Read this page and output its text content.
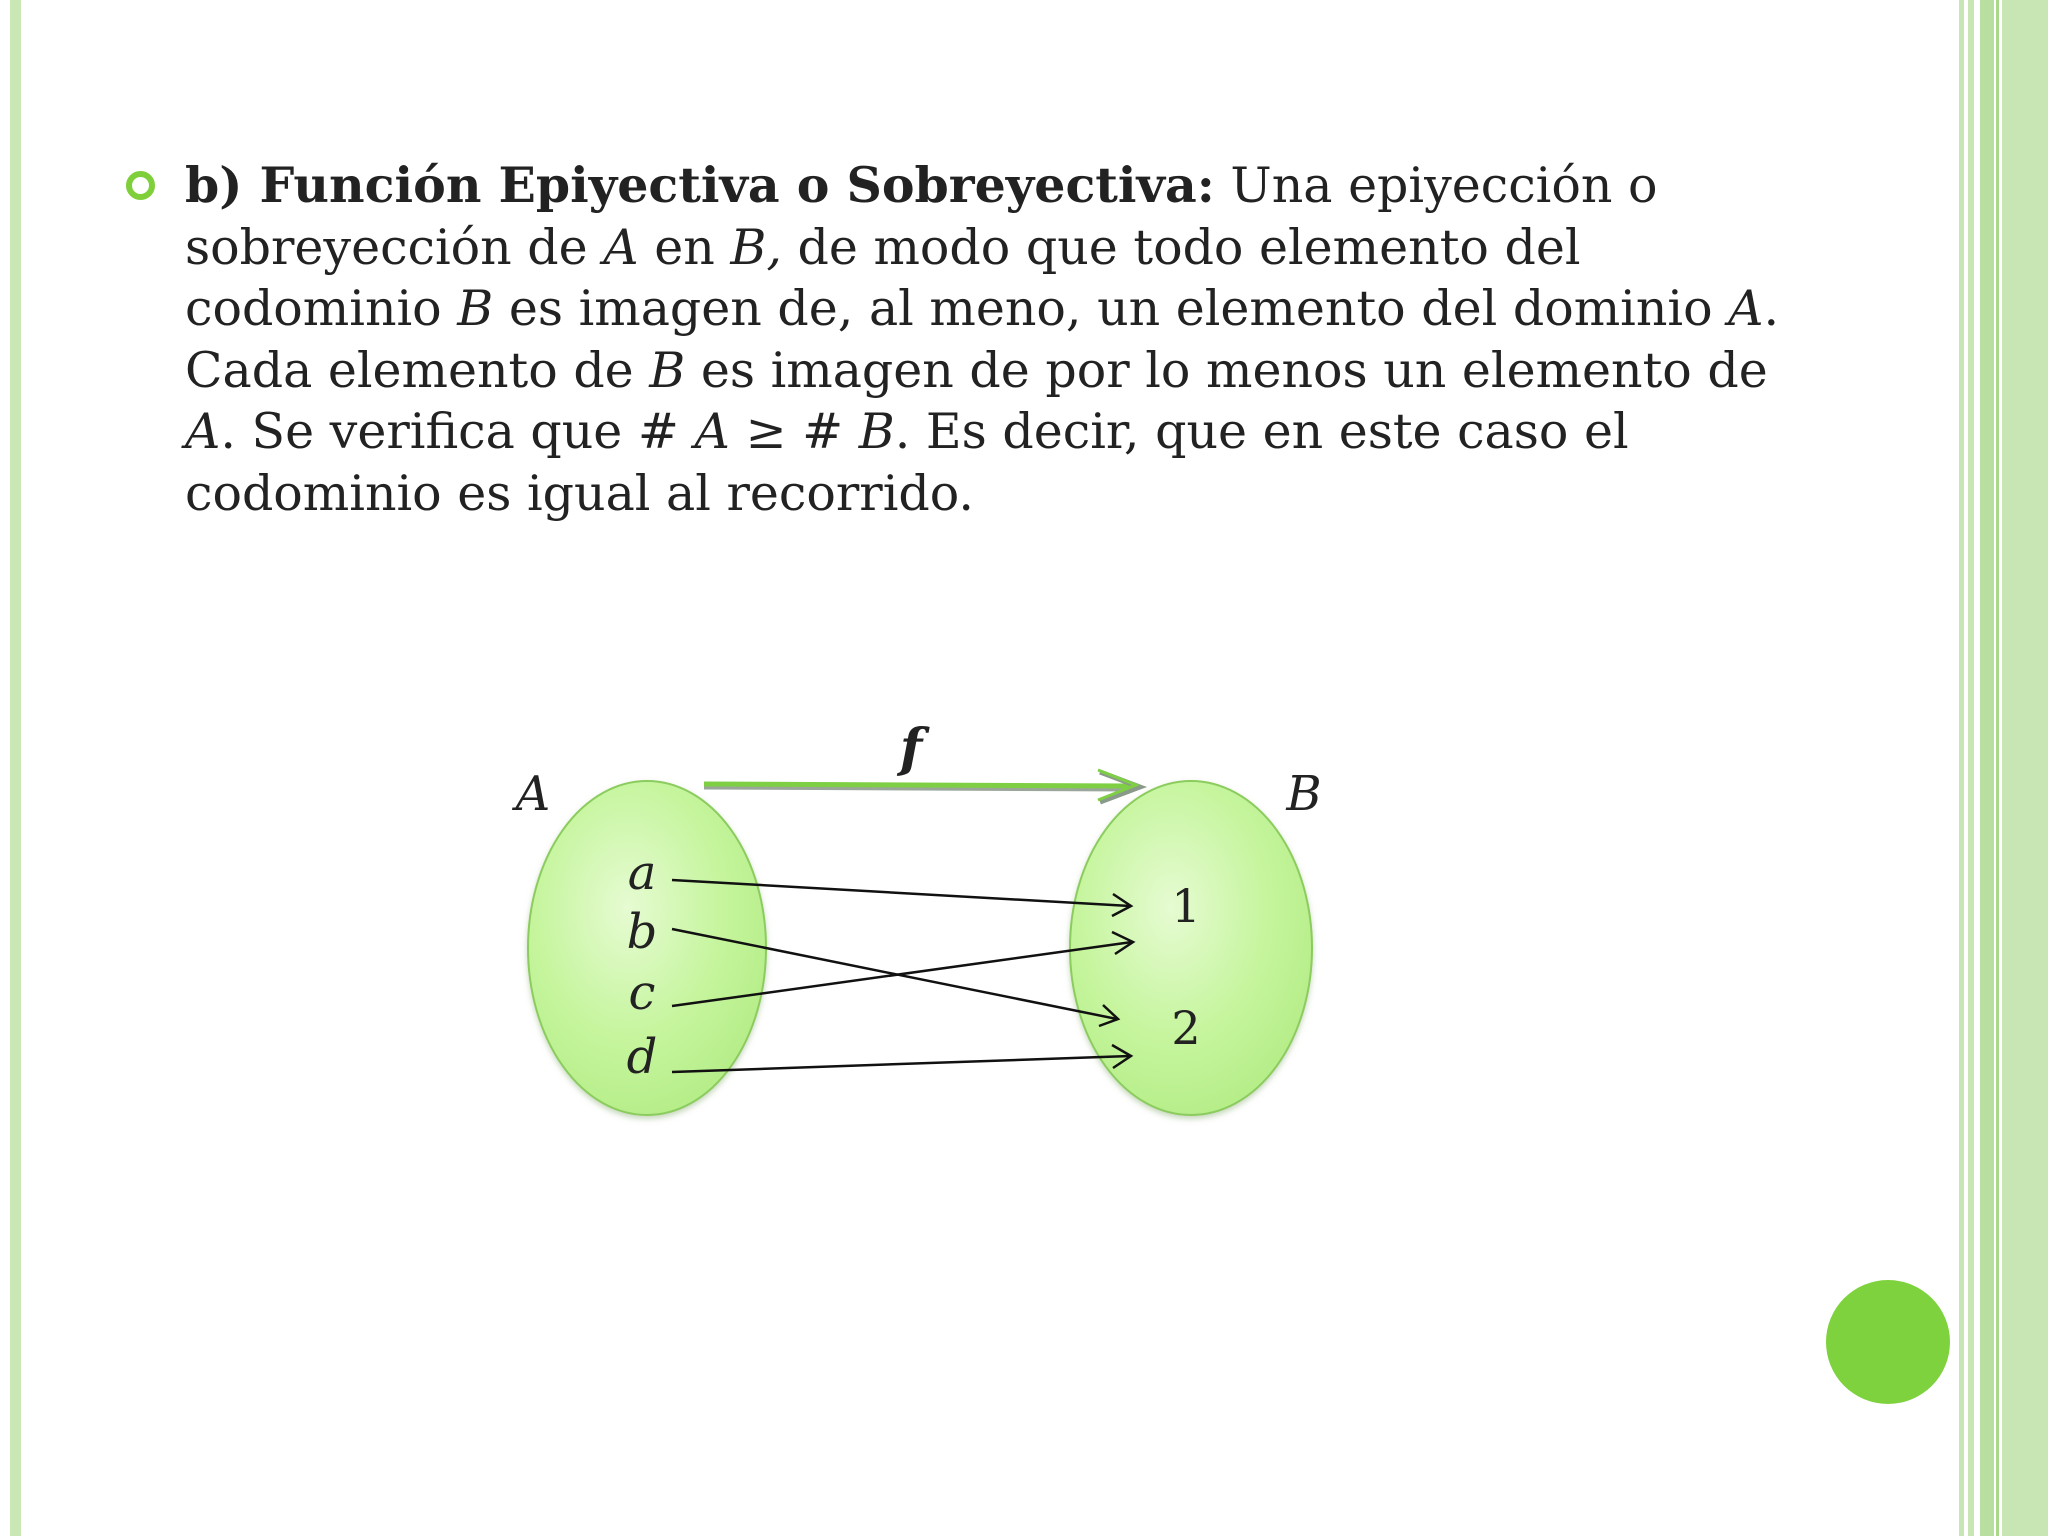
b) Función Epiyectiva o Sobreyectiva: Una epiyección o sobreyección de A en B, de modo que todo elemento del codominio B es imagen de, al meno, un elemento del dominio A. Cada elemento de B es imagen de por lo menos un elemento de A. Se verifica que # A ≥ # B. Es decir, que en este caso el codominio es igual al recorrido.

f
A	B
a
b
c
d
1
2
